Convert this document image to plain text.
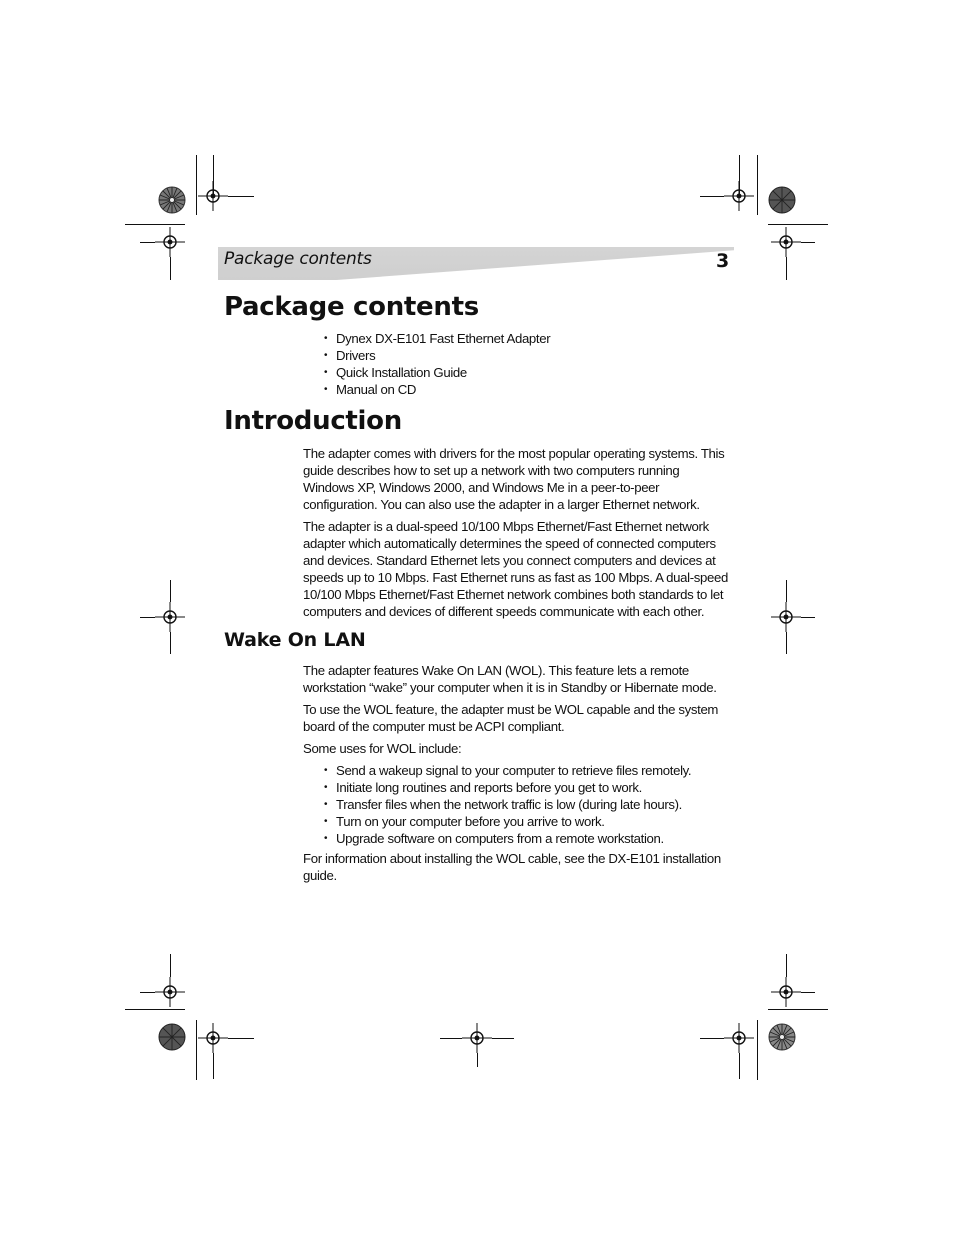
Package contents	3
Package contents
• Dynex DX-E101 Fast Ethernet Adapter
• Drivers
• Quick Installation Guide
• Manual on CD
Introduction

The adapter comes with drivers for the most popular operating systems. This guide describes how to set up a network with two computers running Windows XP, Windows 2000, and Windows Me in a peer-to-peer configuration. You can also use the adapter in a larger Ethernet network.

The adapter is a dual-speed 10/100 Mbps Ethernet/Fast Ethernet network adapter which automatically determines the speed of connected computers and devices. Standard Ethernet lets you connect computers and devices at speeds up to 10 Mbps. Fast Ethernet runs as fast as 100 Mbps. A dual-speed 10/100 Mbps Ethernet/Fast Ethernet network combines both standards to let computers and devices of different speeds communicate with each other.

Wake On LAN

The adapter features Wake On LAN (WOL). This feature lets a remote workstation “wake” your computer when it is in Standby or Hibernate mode.

To use the WOL feature, the adapter must be WOL capable and the system board of the computer must be ACPI compliant.

Some uses for WOL include:

• Send a wakeup signal to your computer to retrieve files remotely.
• Initiate long routines and reports before you get to work.
• Transfer files when the network traffic is low (during late hours).
• Turn on your computer before you arrive to work.
• Upgrade software on computers from a remote workstation.

For information about installing the WOL cable, see the DX-E101 installation guide.
